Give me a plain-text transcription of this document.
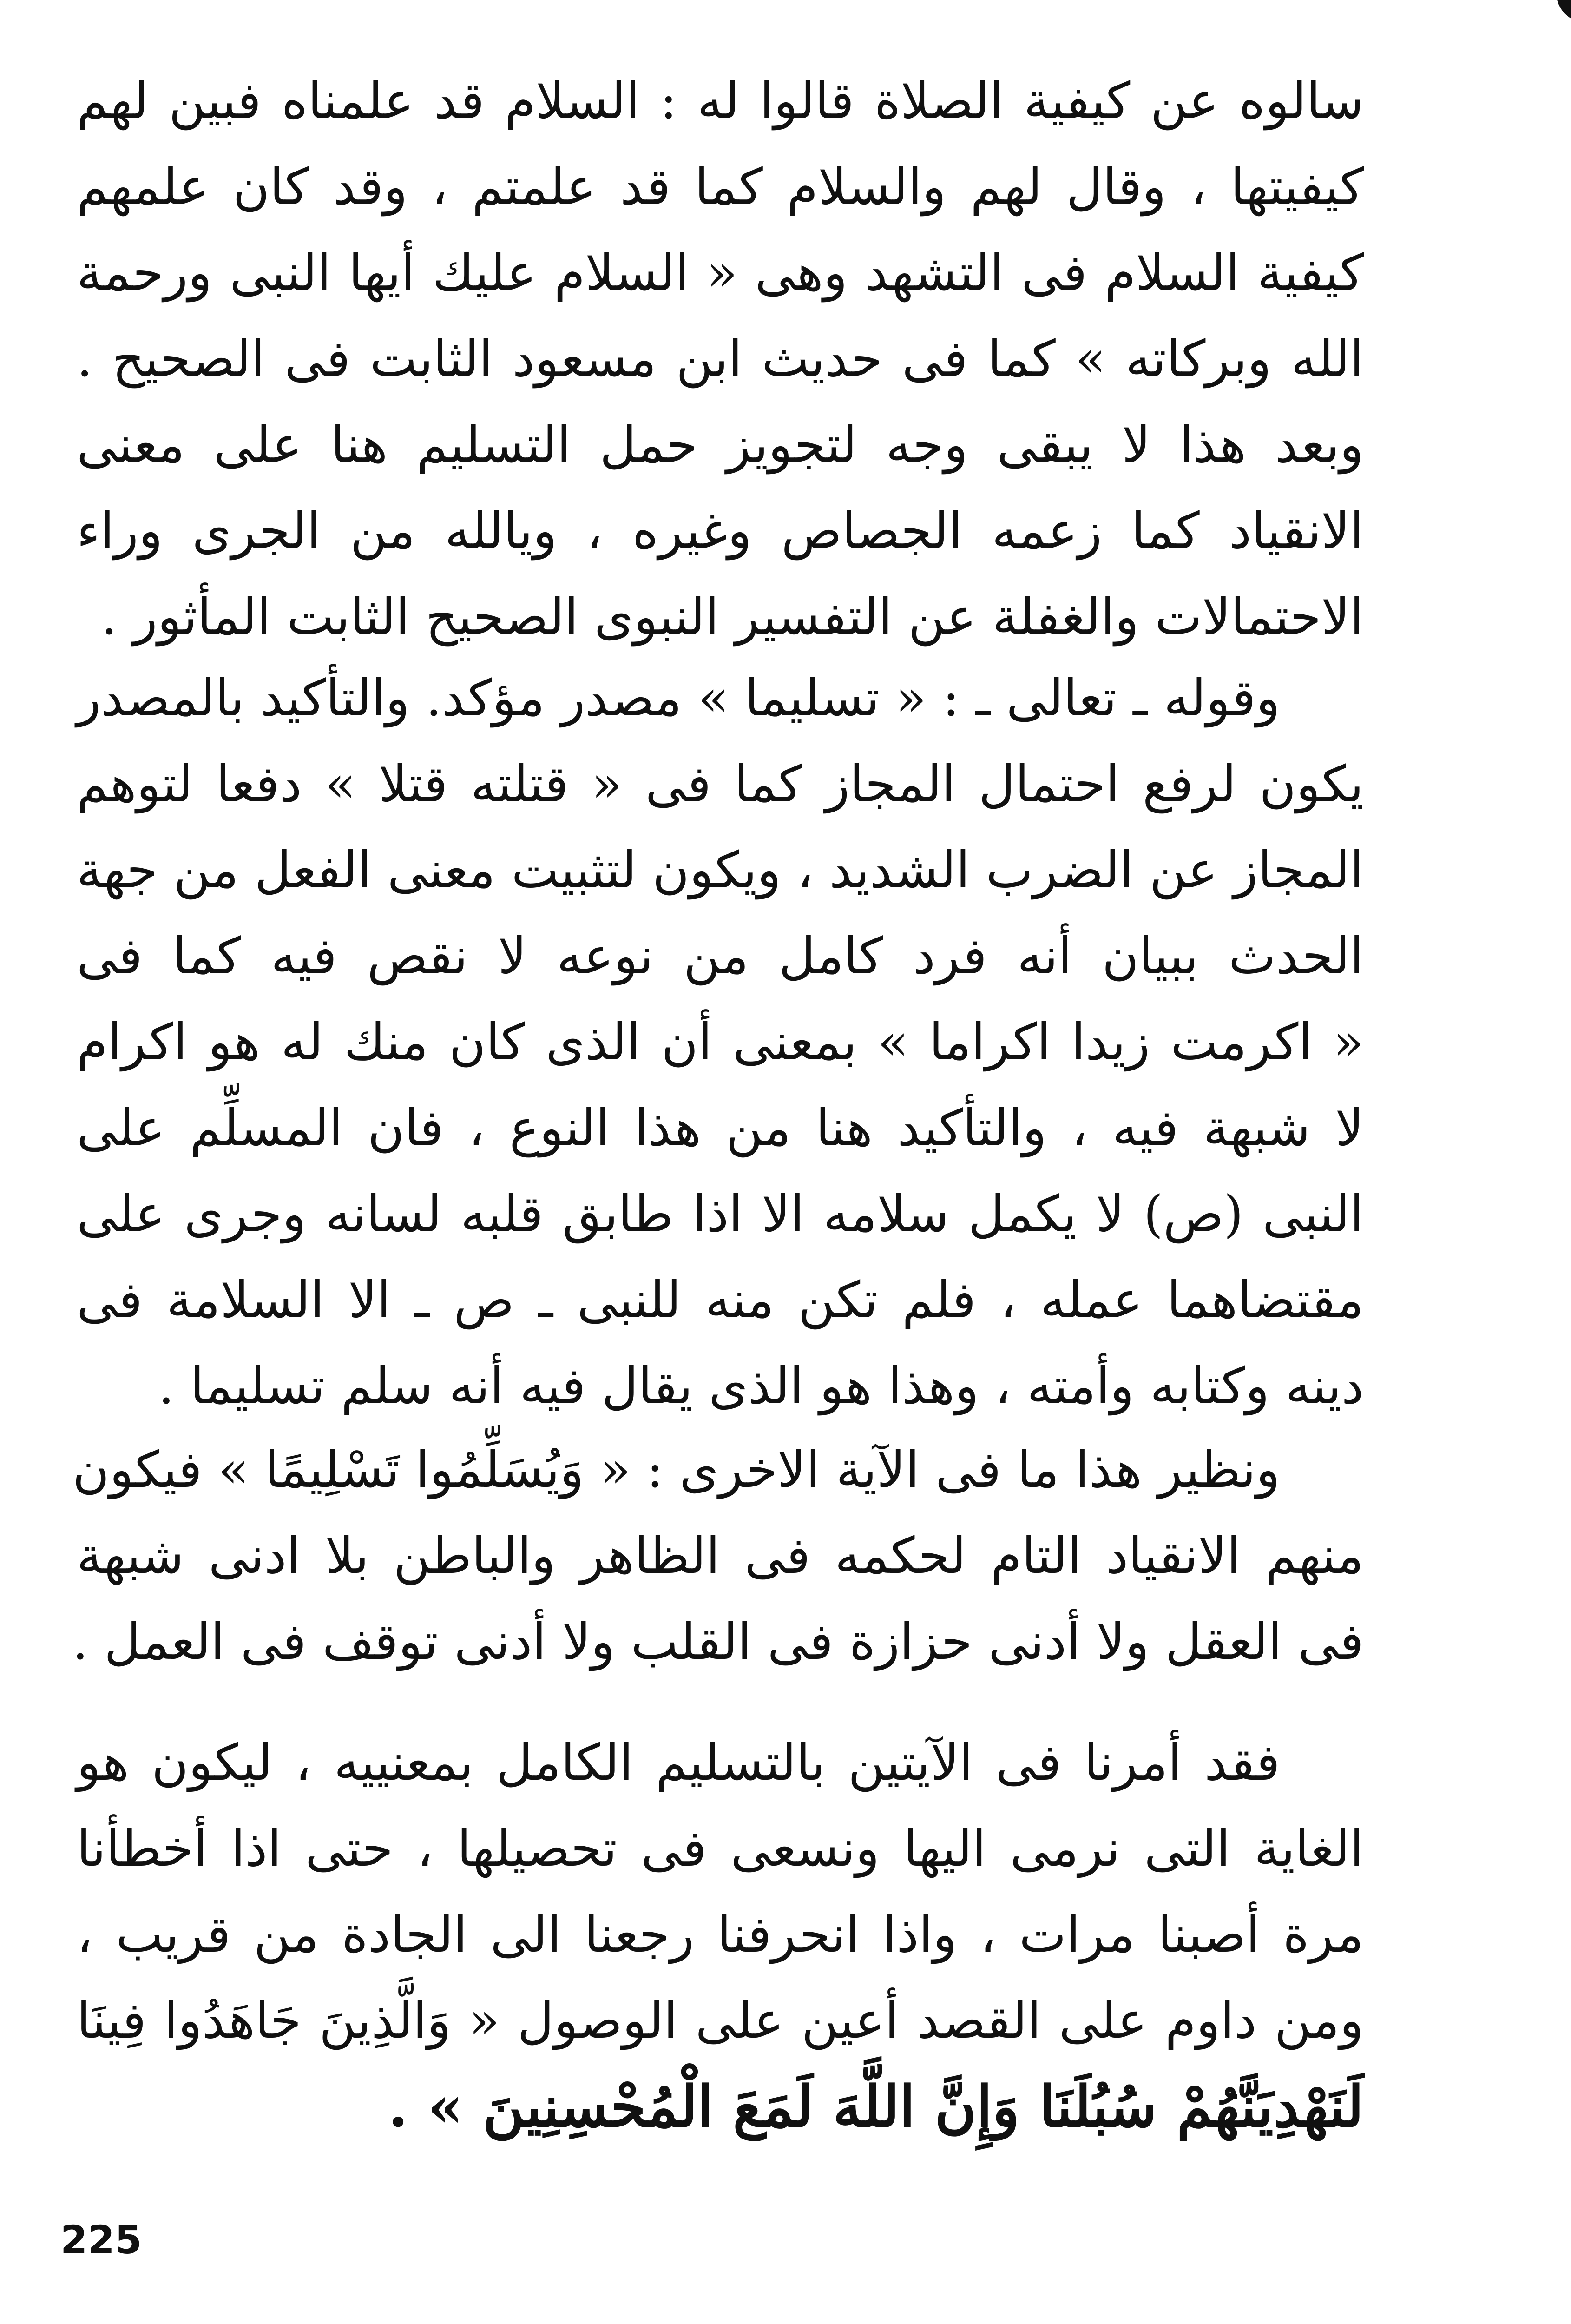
سالوه عن كيفية الصلاة قالوا له : السلام قد علمناه فبين لهم
كيفيتها ، وقال لهم والسلام كما قد علمتم ، وقد كان علمهم
كيفية السلام فى التشهد وهى « السلام عليك أيها النبى ورحمة
الله وبركاته » كما فى حديث ابن مسعود الثابت فى الصحيح .
وبعد هذا لا يبقى وجه لتجويز حمل التسليم هنا على معنى
الانقياد كما زعمه الجصاص وغيره ، ويالله من الجرى وراء
الاحتمالات والغفلة عن التفسير النبوى الصحيح الثابت المأثور .

وقوله ـ تعالى ـ : « تسليما » مصدر مؤكد. والتأكيد بالمصدر
يكون لرفع احتمال المجاز كما فى « قتلته قتلا » دفعا لتوهم
المجاز عن الضرب الشديد ، ويكون لتثبيت معنى الفعل من جهة
الحدث ببيان أنه فرد كامل من نوعه لا نقص فيه كما فى
« اكرمت زيدا اكراما » بمعنى أن الذى كان منك له هو اكرام
لا شبهة فيه ، والتأكيد هنا من هذا النوع ، فان المسلِّم على
النبى (ص) لا يكمل سلامه الا اذا طابق قلبه لسانه وجرى على
مقتضاهما عمله ، فلم تكن منه للنبى ـ ص ـ الا السلامة فى
دينه وكتابه وأمته ، وهذا هو الذى يقال فيه أنه سلم تسليما .

ونظير هذا ما فى الآية الاخرى : « وَيُسَلِّمُوا تَسْلِيمًا » فيكون
منهم الانقياد التام لحكمه فى الظاهر والباطن بلا ادنى شبهة
فى العقل ولا أدنى حزازة فى القلب ولا أدنى توقف فى العمل .

فقد أمرنا فى الآيتين بالتسليم الكامل بمعنييه ، ليكون هو
الغاية التى نرمى اليها ونسعى فى تحصيلها ، حتى اذا أخطأنا
مرة أصبنا مرات ، واذا انحرفنا رجعنا الى الجادة من قريب ،
ومن داوم على القصد أعين على الوصول « وَالَّذِينَ جَاهَدُوا فِينَا
لَنَهْدِيَنَّهُمْ سُبُلَنَا وَإِنَّ اللَّهَ لَمَعَ الْمُحْسِنِينَ » .

225
